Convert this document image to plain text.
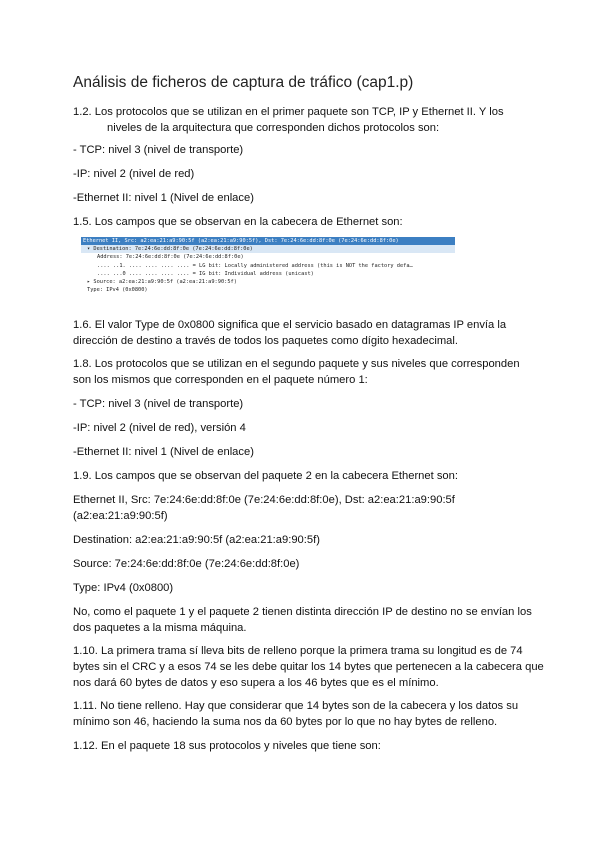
Análisis de ficheros de captura de tráfico (cap1.p)
1.2. Los protocolos que se utilizan en el primer paquete son TCP, IP y Ethernet II. Y los
niveles de la arquitectura que corresponden dichos protocolos son:
- TCP: nivel 3 (nivel de transporte)
-IP: nivel 2 (nivel de red)
-Ethernet II: nivel 1 (Nivel de enlace)
1.5. Los campos que se observan en la cabecera de Ethernet son:
Ethernet II, Src: a2:ea:21:a9:90:5f (a2:ea:21:a9:90:5f), Dst: 7e:24:6e:dd:8f:0e (7e:24:6e:dd:8f:0e)
▾ Destination: 7e:24:6e:dd:8f:0e (7e:24:6e:dd:8f:0e)
Address: 7e:24:6e:dd:8f:0e (7e:24:6e:dd:8f:0e)
.... ..1. .... .... .... .... = LG bit: Locally administered address (this is NOT the factory defa…
.... ...0 .... .... .... .... = IG bit: Individual address (unicast)
▸ Source: a2:ea:21:a9:90:5f (a2:ea:21:a9:90:5f)
Type: IPv4 (0x0800)
1.6. El valor Type de 0x0800 significa que el servicio basado en datagramas IP envía la
dirección de destino a través de todos los paquetes como dígito hexadecimal.
1.8. Los protocolos que se utilizan en el segundo paquete y sus niveles que corresponden
son los mismos que corresponden en el paquete número 1:
- TCP: nivel 3 (nivel de transporte)
-IP: nivel 2 (nivel de red), versión 4
-Ethernet II: nivel 1 (Nivel de enlace)
1.9. Los campos que se observan del paquete 2 en la cabecera Ethernet son:
Ethernet II, Src: 7e:24:6e:dd:8f:0e (7e:24:6e:dd:8f:0e), Dst: a2:ea:21:a9:90:5f
(a2:ea:21:a9:90:5f)
Destination: a2:ea:21:a9:90:5f (a2:ea:21:a9:90:5f)
Source: 7e:24:6e:dd:8f:0e (7e:24:6e:dd:8f:0e)
Type: IPv4 (0x0800)
No, como el paquete 1 y el paquete 2 tienen distinta dirección IP de destino no se envían los
dos paquetes a la misma máquina.
1.10. La primera trama sí lleva bits de relleno porque la primera trama su longitud es de 74
bytes sin el CRC y a esos 74 se les debe quitar los 14 bytes que pertenecen a la cabecera que
nos dará 60 bytes de datos y eso supera a los 46 bytes que es el mínimo.
1.11. No tiene relleno. Hay que considerar que 14 bytes son de la cabecera y los datos su
mínimo son 46, haciendo la suma nos da 60 bytes por lo que no hay bytes de relleno.
1.12. En el paquete 18 sus protocolos y niveles que tiene son:
